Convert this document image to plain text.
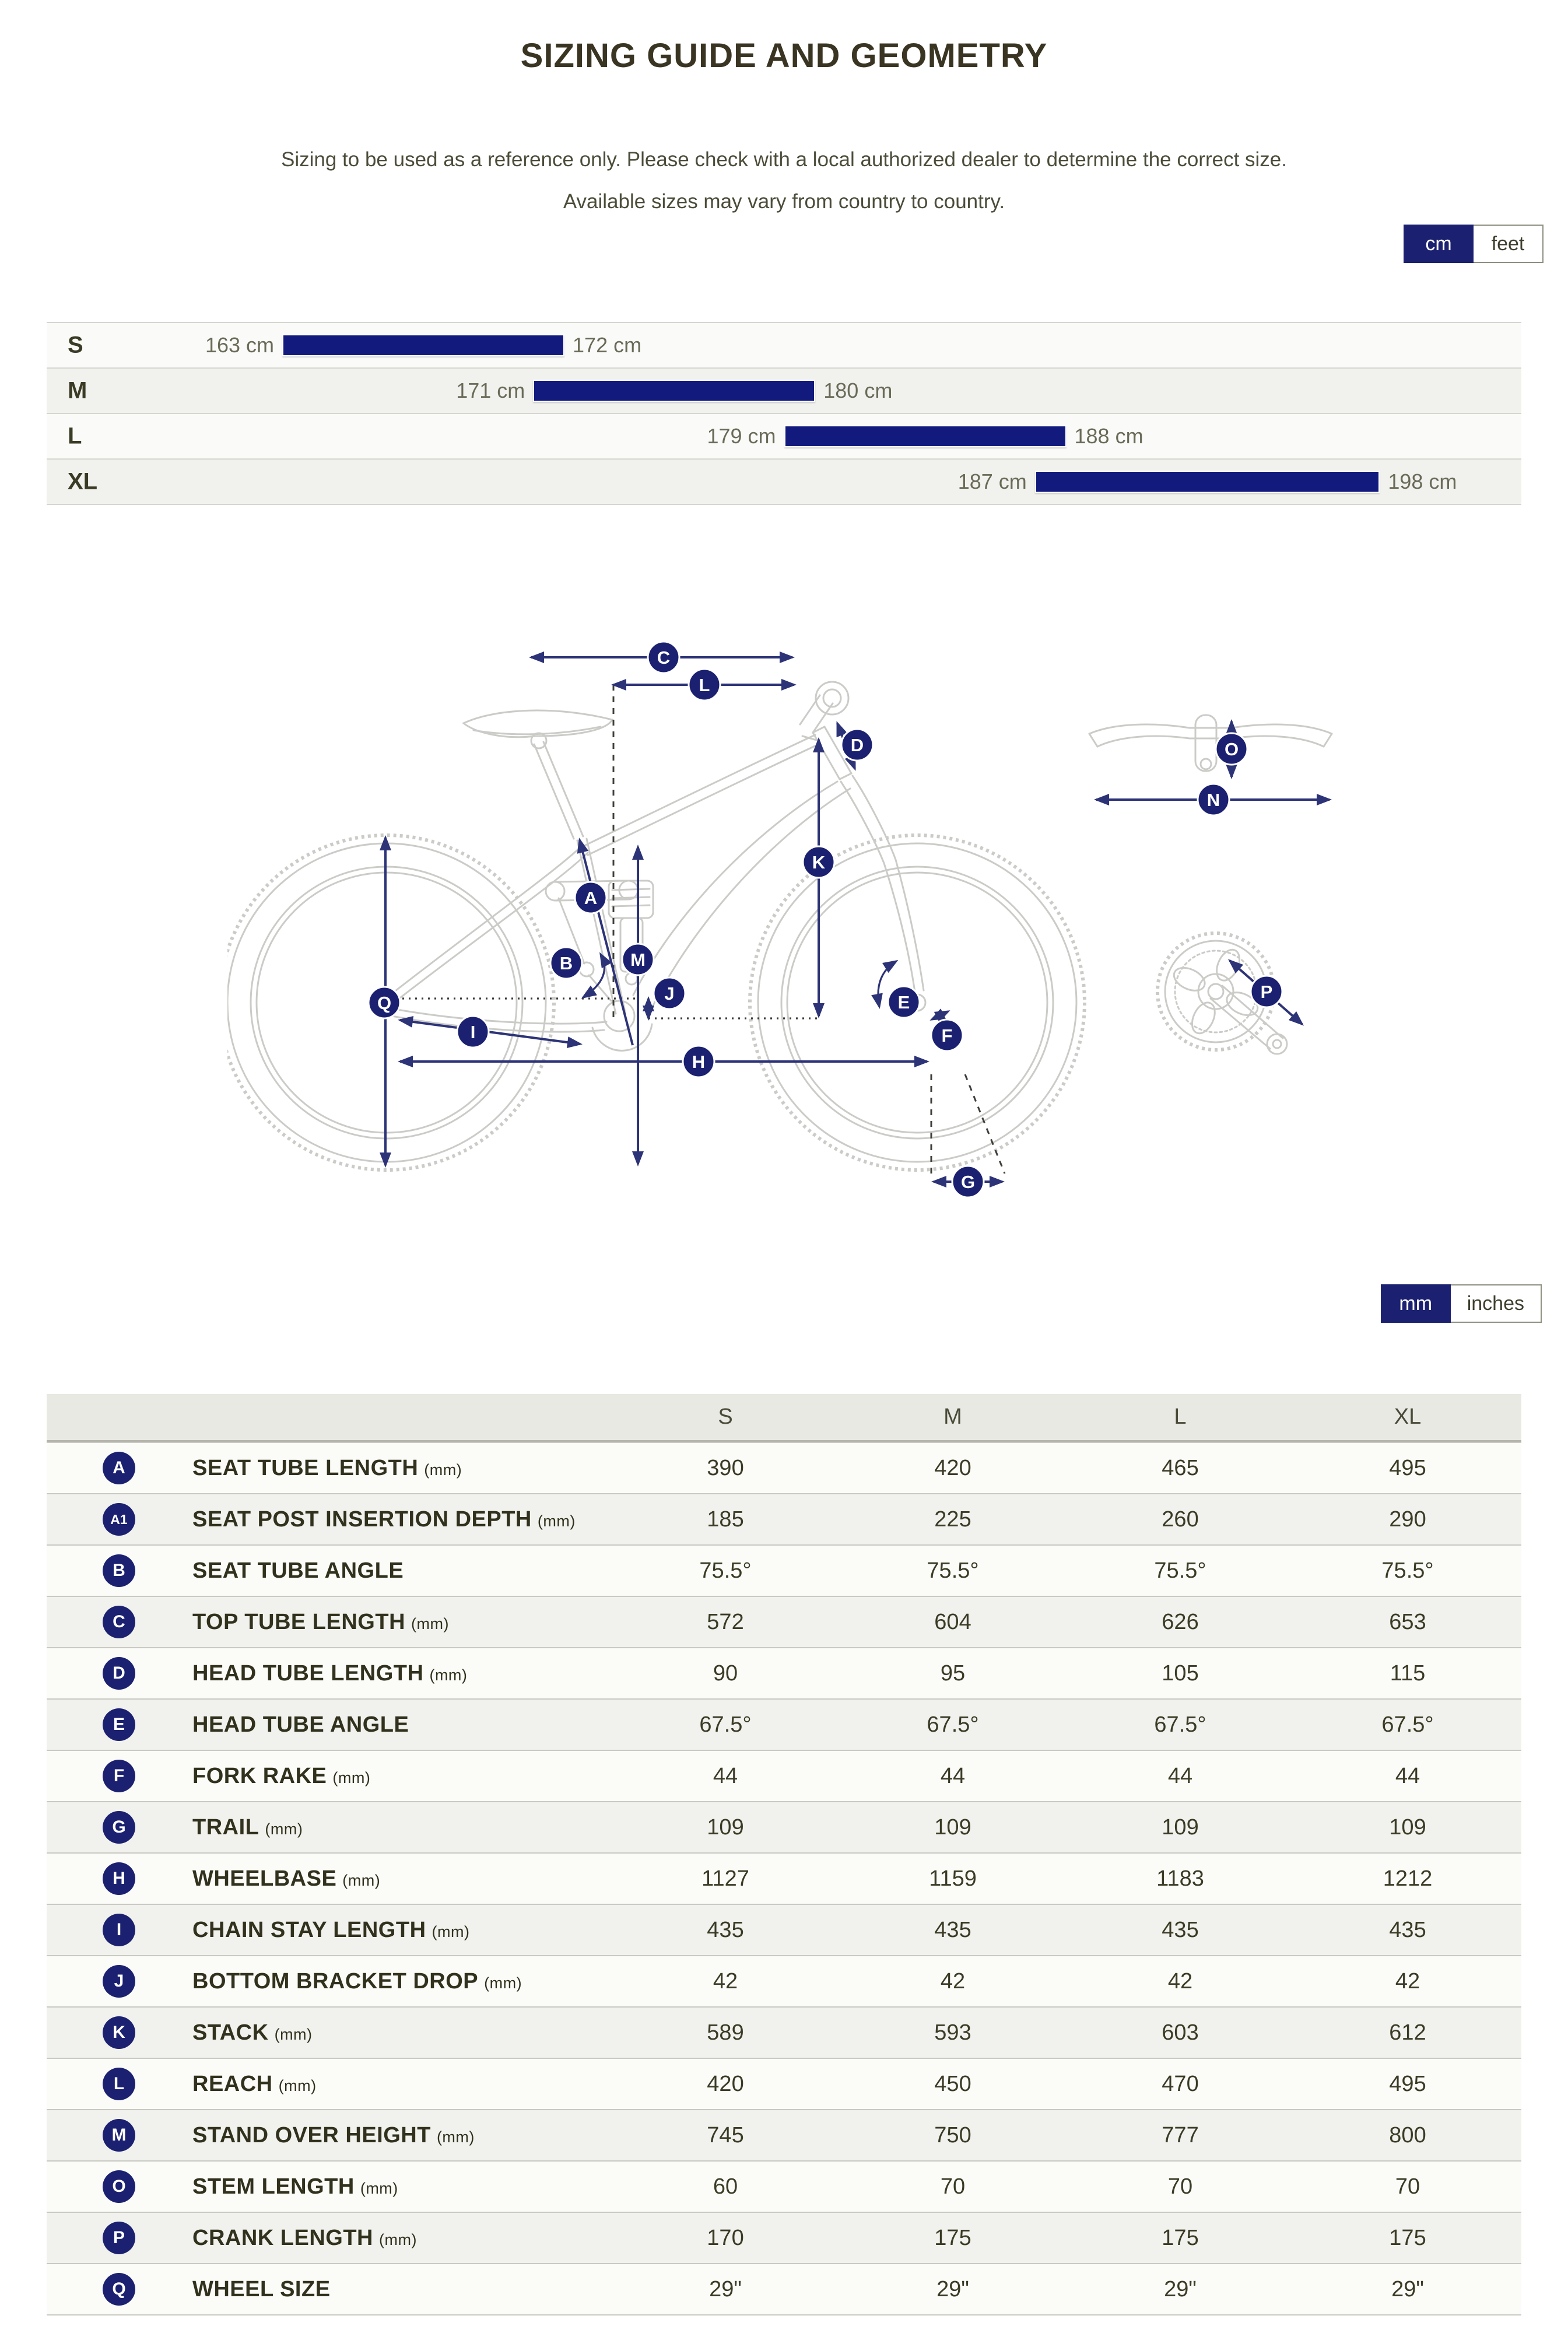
SIZING GUIDE AND GEOMETRY
Sizing to be used as a reference only. Please check with a local authorized dealer to determine the correct size.
Available sizes may vary from country to country.
cm	feet
S	163 cm	172 cm
M	171 cm	180 cm
L	179 cm	188 cm
XL	187 cm	198 cm
C
L
D
K
A
B	M
J
Q
I
H
E
F
G
N
O
P
mm	inches
S	M	L	XL
A	SEAT TUBE LENGTH (mm)	390	420	465	495
A1	SEAT POST INSERTION DEPTH (mm)	185	225	260	290
B	SEAT TUBE ANGLE	75.5°	75.5°	75.5°	75.5°
C	TOP TUBE LENGTH (mm)	572	604	626	653
D	HEAD TUBE LENGTH (mm)	90	95	105	115
E	HEAD TUBE ANGLE	67.5°	67.5°	67.5°	67.5°
F	FORK RAKE (mm)	44	44	44	44
G	TRAIL (mm)	109	109	109	109
H	WHEELBASE (mm)	1127	1159	1183	1212
I	CHAIN STAY LENGTH (mm)	435	435	435	435
J	BOTTOM BRACKET DROP (mm)	42	42	42	42
K	STACK (mm)	589	593	603	612
L	REACH (mm)	420	450	470	495
M	STAND OVER HEIGHT (mm)	745	750	777	800
O	STEM LENGTH (mm)	60	70	70	70
P	CRANK LENGTH (mm)	170	175	175	175
Q	WHEEL SIZE	29"	29"	29"	29"
